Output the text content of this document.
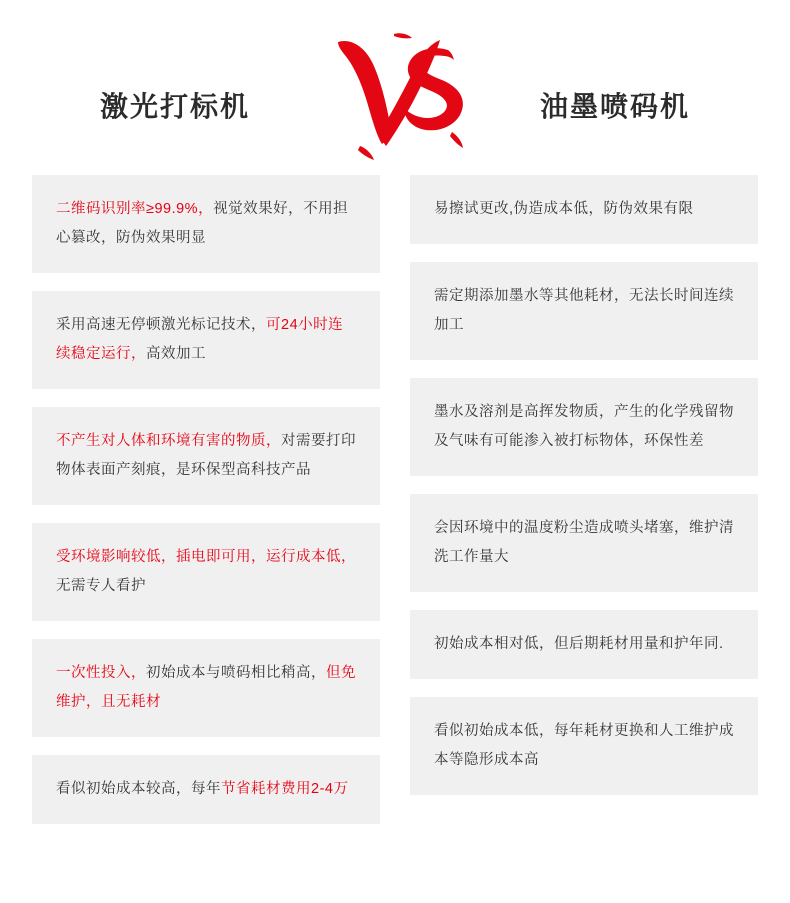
激光打标机	油墨喷码机

二维码识别率≥99.9%，视觉效果好，不用担心篡改，防伪效果明显

采用高速无停顿激光标记技术，可24小时连续稳定运行，高效加工

不产生对人体和环境有害的物质，对需要打印物体表面产刻痕，是环保型高科技产品

受环境影响较低，插电即可用，运行成本低，无需专人看护

一次性投入，初始成本与喷码相比稍高，但免维护，且无耗材

看似初始成本较高，每年节省耗材费用2-4万

易擦试更改,伪造成本低，防伪效果有限

需定期添加墨水等其他耗材，无法长时间连续加工

墨水及溶剂是高挥发物质，产生的化学残留物及气味有可能渗入被打标物体，环保性差

会因环境中的温度粉尘造成喷头堵塞，维护清洗工作量大

初始成本相对低，但后期耗材用量和护年同.

看似初始成本低，每年耗材更换和人工维护成本等隐形成本高
